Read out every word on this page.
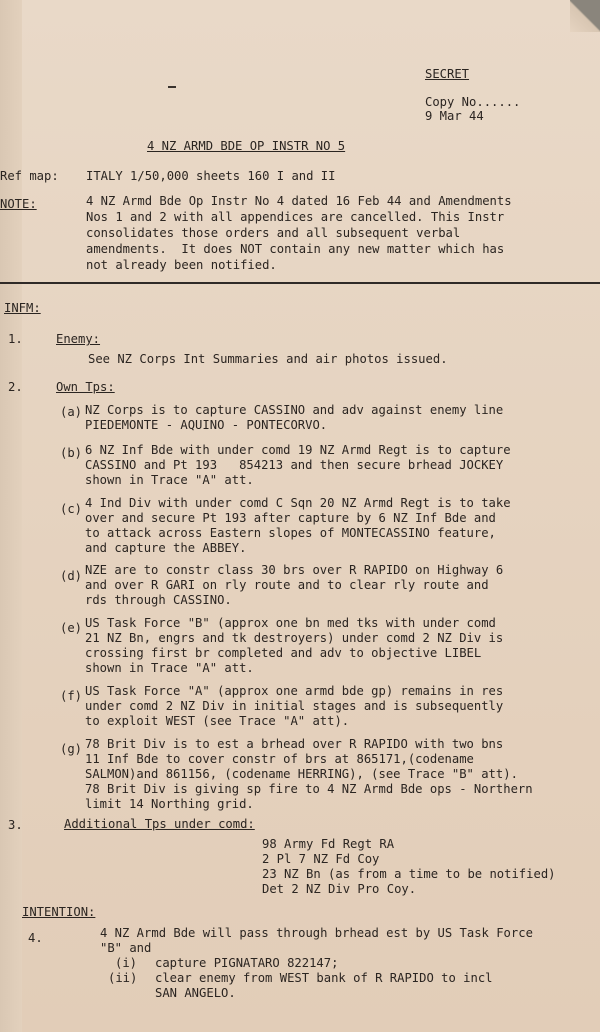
SECRET
Copy No......
9 Mar 44
4 NZ ARMD BDE OP INSTR NO 5
Ref map: ITALY 1/50,000 sheets 160 I and II
NOTE:	4 NZ Armd Bde Op Instr No 4 dated 16 Feb 44 and Amendments
Nos 1 and 2 with all appendices are cancelled. This Instr
consolidates those orders and all subsequent verbal
amendments.  It does NOT contain any new matter which has
not already been notified.
INFM:
1.	Enemy:
See NZ Corps Int Summaries and air photos issued.
2.	Own Tps:
(a) NZ Corps is to capture CASSINO and adv against enemy line
PIEDEMONTE - AQUINO - PONTECORVO.
(b) 6 NZ Inf Bde with under comd 19 NZ Armd Regt is to capture
CASSINO and Pt 193   854213 and then secure brhead JOCKEY
shown in Trace "A" att.
(c) 4 Ind Div with under comd C Sqn 20 NZ Armd Regt is to take
over and secure Pt 193 after capture by 6 NZ Inf Bde and
to attack across Eastern slopes of MONTECASSINO feature,
and capture the ABBEY.
(d) NZE are to constr class 30 brs over R RAPIDO on Highway 6
and over R GARI on rly route and to clear rly route and
rds through CASSINO.
(e) US Task Force "B" (approx one bn med tks with under comd
21 NZ Bn, engrs and tk destroyers) under comd 2 NZ Div is
crossing first br completed and adv to objective LIBEL
shown in Trace "A" att.
(f) US Task Force "A" (approx one armd bde gp) remains in res
under comd 2 NZ Div in initial stages and is subsequently
to exploit WEST (see Trace "A" att).
(g) 78 Brit Div is to est a brhead over R RAPIDO with two bns
11 Inf Bde to cover constr of brs at 865171,(codename
SALMON)and 861156, (codename HERRING), (see Trace "B" att).
78 Brit Div is giving sp fire to 4 NZ Armd Bde ops - Northern
limit 14 Northing grid.
3.	Additional Tps under comd:
98 Army Fd Regt RA
2 Pl 7 NZ Fd Coy
23 NZ Bn (as from a time to be notified)
Det 2 NZ Div Pro Coy.
INTENTION:
4.	4 NZ Armd Bde will pass through brhead est by US Task Force
"B" and
(i) capture PIGNATARO 822147;
(ii) clear enemy from WEST bank of R RAPIDO to incl
SAN ANGELO.
